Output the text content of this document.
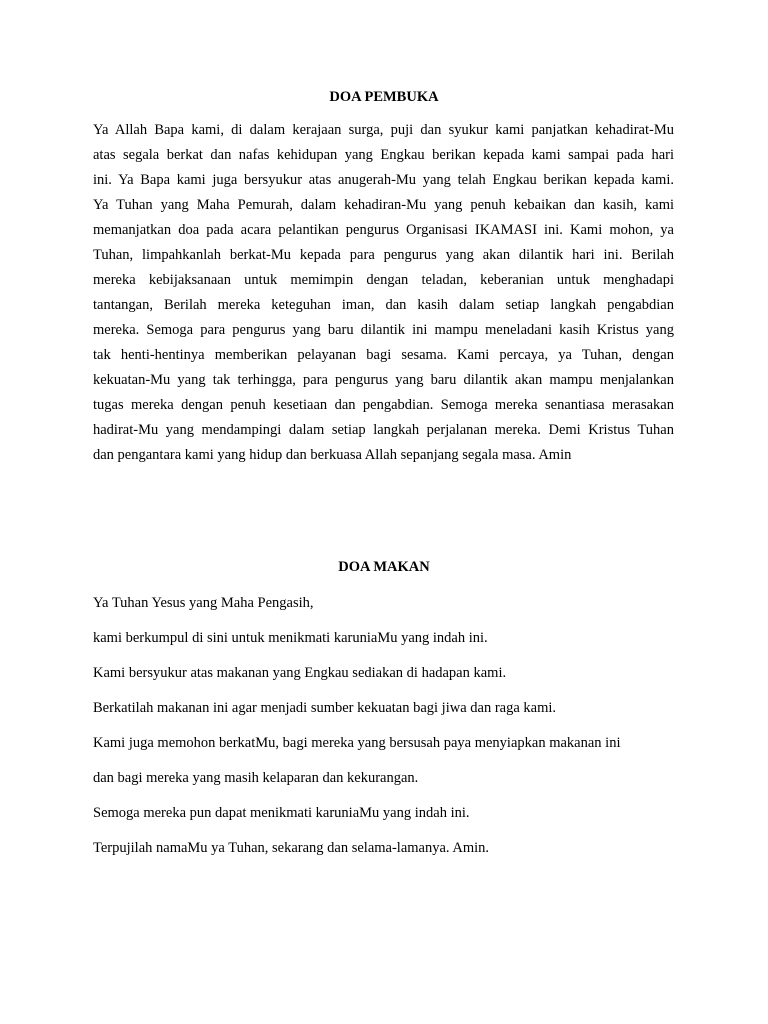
DOA PEMBUKA
Ya Allah Bapa kami, di dalam kerajaan surga, puji dan syukur kami panjatkan kehadirat-Mu
atas segala berkat dan nafas kehidupan yang Engkau berikan kepada kami sampai pada hari
ini. Ya Bapa kami juga bersyukur atas anugerah-Mu yang telah Engkau berikan kepada kami.
Ya Tuhan yang Maha Pemurah, dalam kehadiran-Mu yang penuh kebaikan dan kasih, kami
memanjatkan doa pada acara pelantikan pengurus Organisasi IKAMASI ini. Kami mohon, ya
Tuhan, limpahkanlah berkat-Mu kepada para pengurus yang akan dilantik hari ini. Berilah
mereka kebijaksanaan untuk memimpin dengan teladan, keberanian untuk menghadapi
tantangan, Berilah mereka keteguhan iman, dan kasih dalam setiap langkah pengabdian
mereka. Semoga para pengurus yang baru dilantik ini mampu meneladani kasih Kristus yang
tak henti-hentinya memberikan pelayanan bagi sesama. Kami percaya, ya Tuhan, dengan
kekuatan-Mu yang tak terhingga, para pengurus yang baru dilantik akan mampu menjalankan
tugas mereka dengan penuh kesetiaan dan pengabdian. Semoga mereka senantiasa merasakan
hadirat-Mu yang mendampingi dalam setiap langkah perjalanan mereka. Demi Kristus Tuhan
dan pengantara kami yang hidup dan berkuasa Allah sepanjang segala masa. Amin
DOA MAKAN
Ya Tuhan Yesus yang Maha Pengasih,
kami berkumpul di sini untuk menikmati karuniaMu yang indah ini.
Kami bersyukur atas makanan yang Engkau sediakan di hadapan kami.
Berkatilah makanan ini agar menjadi sumber kekuatan bagi jiwa dan raga kami.
Kami juga memohon berkatMu, bagi mereka yang bersusah paya menyiapkan makanan ini
dan bagi mereka yang masih kelaparan dan kekurangan.
Semoga mereka pun dapat menikmati karuniaMu yang indah ini.
Terpujilah namaMu ya Tuhan, sekarang dan selama-lamanya. Amin.
